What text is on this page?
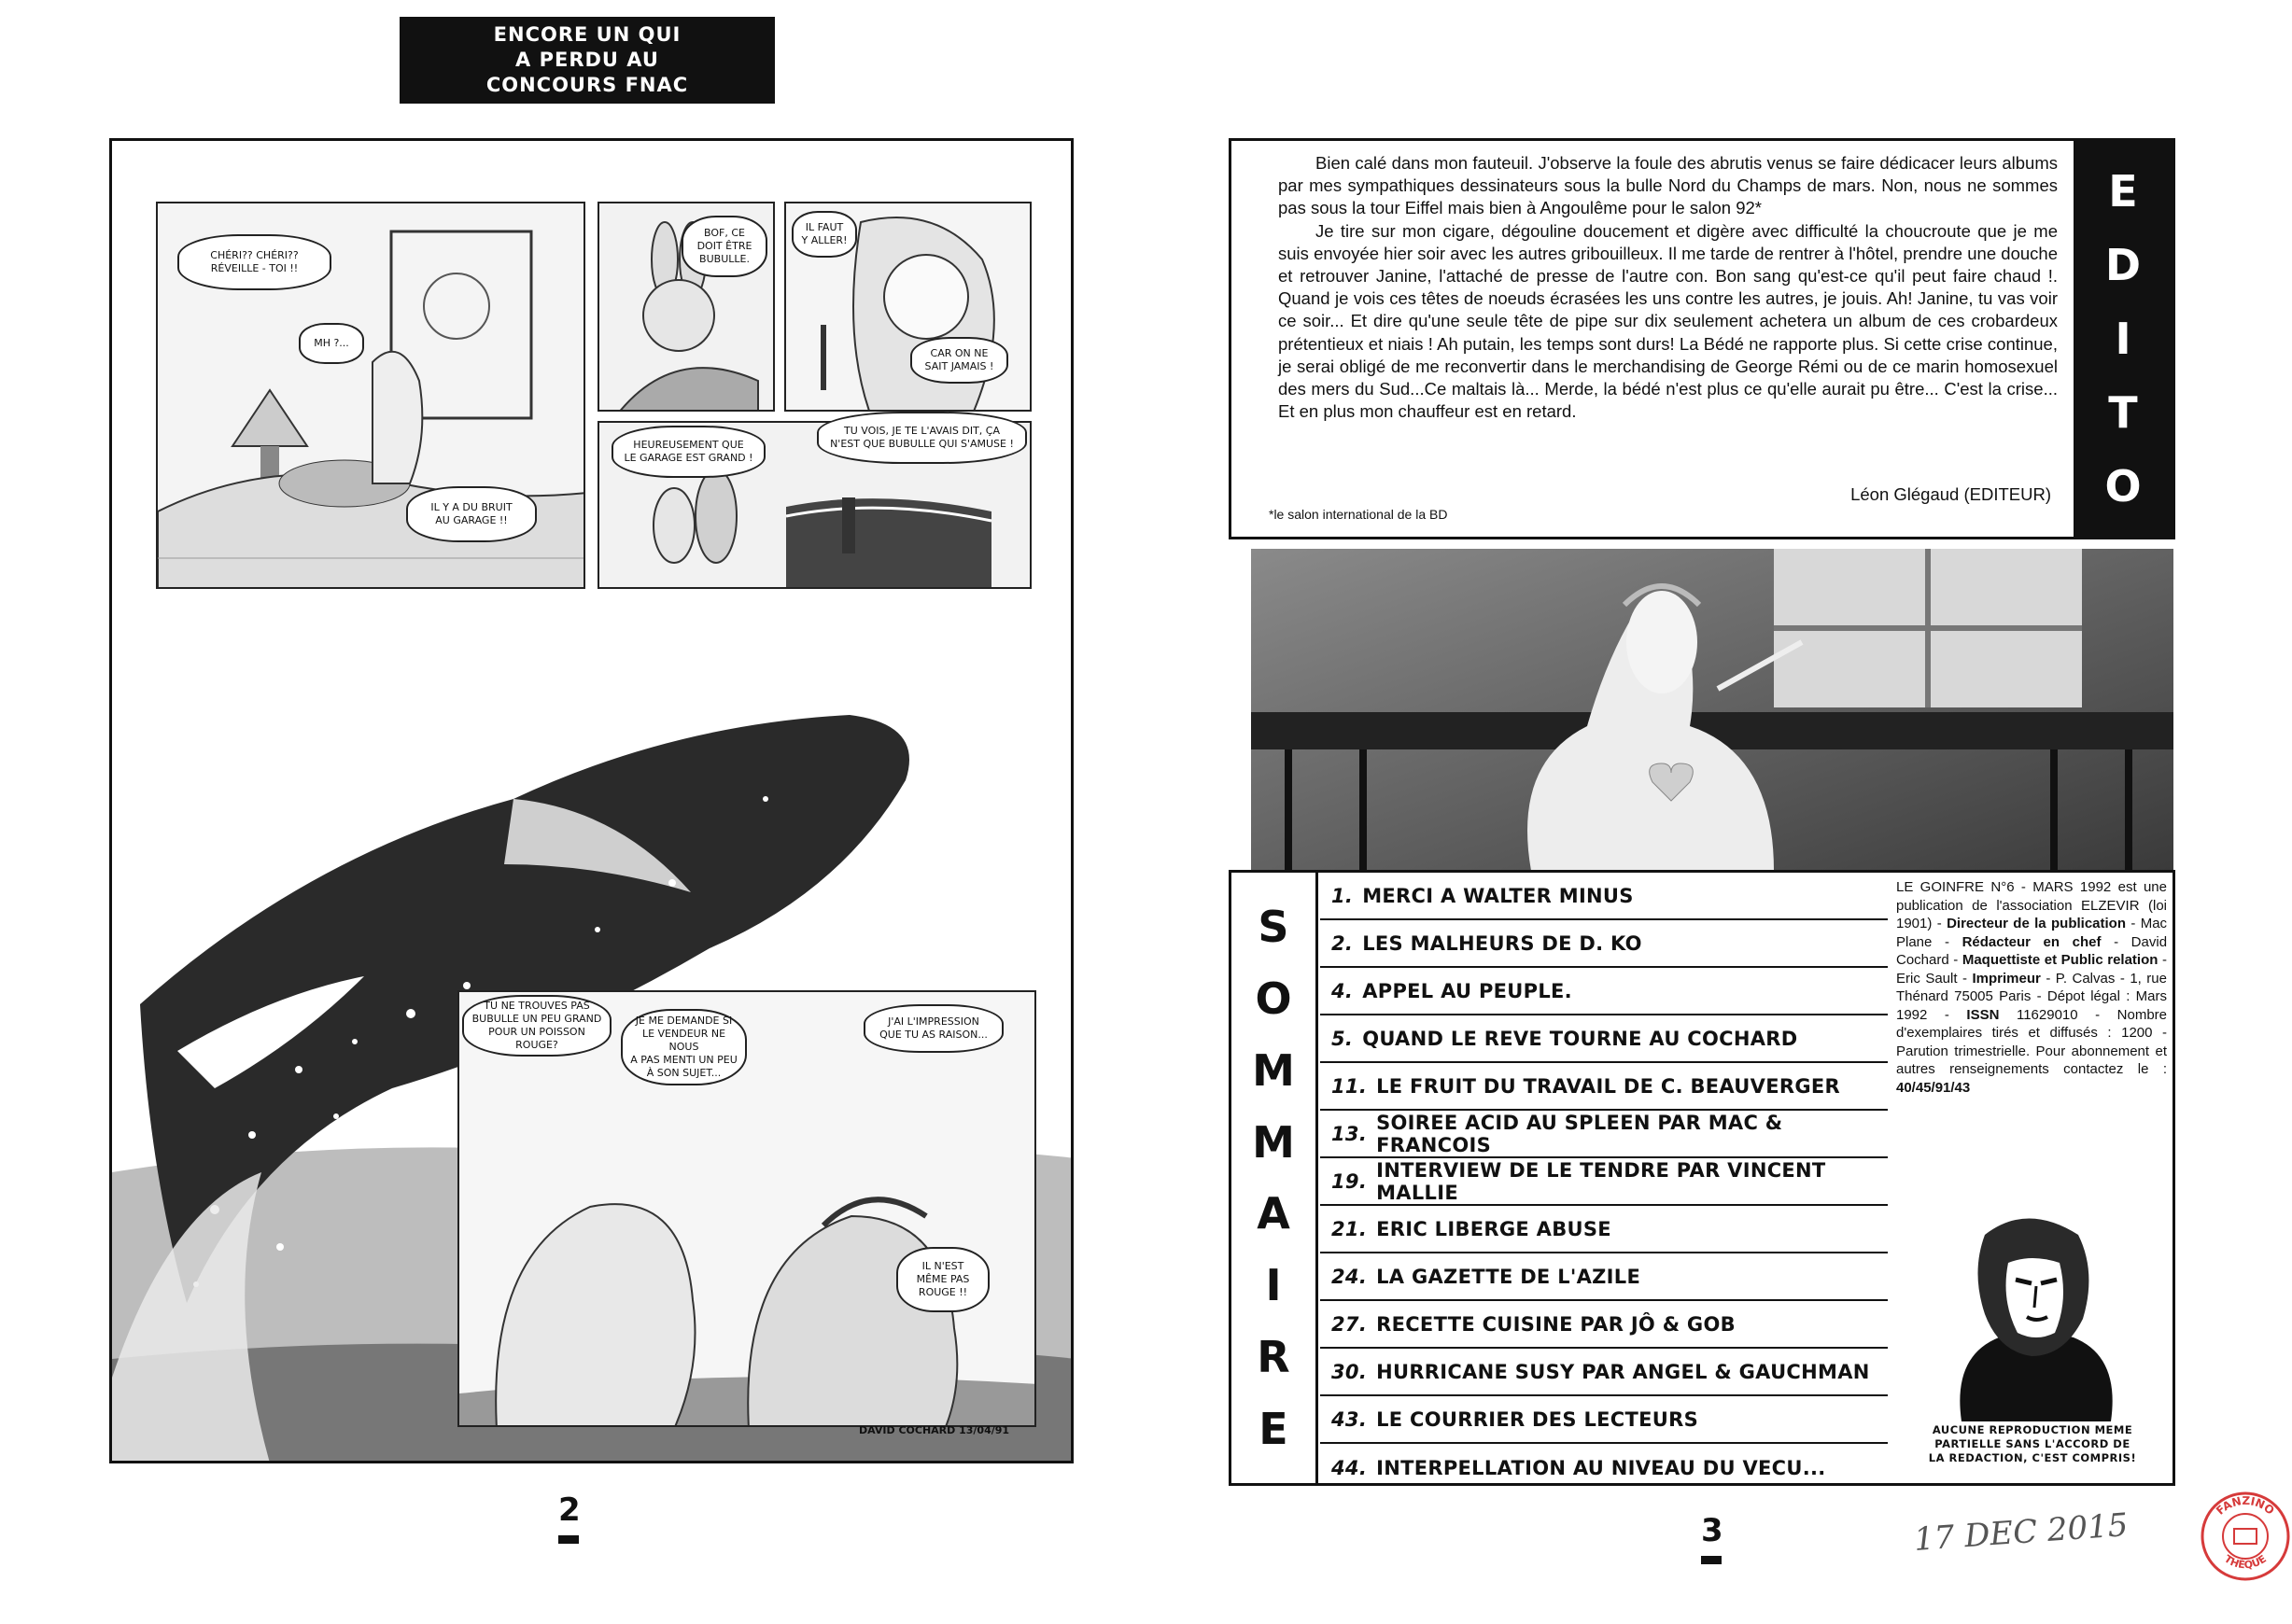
ENCORE UN QUI
A PERDU AU
CONCOURS FNAC
CHÉRI?? CHÉRI??
RÉVEILLE - TOI !!
MH ?...
IL Y A DU BRUIT
AU GARAGE !!
BOF, CE
DOIT ÊTRE
BUBULLE.
IL FAUT
Y ALLER!
CAR ON NE
SAIT JAMAIS !
HEUREUSEMENT QUE
LE GARAGE EST GRAND !
TU VOIS, JE TE L'AVAIS DIT, ÇA
N'EST QUE BUBULLE QUI S'AMUSE !
TU NE TROUVES PAS
BUBULLE UN PEU GRAND
POUR UN POISSON ROUGE?
JE ME DEMANDE SI
LE VENDEUR NE NOUS
A PAS MENTI UN PEU
À SON SUJET...
J'AI L'IMPRESSION
QUE TU AS RAISON...
IL N'EST
MÊME PAS
ROUGE !!
DAVID COCHARD 13/04/91
2

Bien calé dans mon fauteuil. J'observe la foule des abrutis venus se faire dédicacer leurs albums par mes sympathiques dessinateurs sous la bulle Nord du Champs de mars. Non, nous ne sommes pas sous la tour Eiffel mais bien à Angoulême pour le salon 92*

Je tire sur mon cigare, dégouline doucement et digère avec difficulté la choucroute que je me suis envoyée hier soir avec les autres gribouilleux. Il me tarde de rentrer à l'hôtel, prendre une douche et retrouver Janine, l'attaché de presse de l'autre con. Bon sang qu'est-ce qu'il peut faire chaud !. Quand je vois ces têtes de noeuds écrasées les uns contre les autres, je jouis. Ah! Janine, tu vas voir ce soir... Et dire qu'une seule tête de pipe sur dix seulement achetera un album de ces crobardeux prétentieux et niais ! Ah putain, les temps sont durs! La Bédé ne rapporte plus. Si cette crise continue, je serai obligé de me reconvertir dans le merchandising de George Rémi ou de ce marin homosexuel des mers du Sud...Ce maltais là... Merde, la bédé n'est plus ce qu'elle aurait pu être... C'est la crise... Et en plus mon chauffeur est en retard.

Léon Glégaud (EDITEUR)
*le salon international de la BD
E
D
I
T
O
S
O
M
M
A
I
R
E
1. MERCI A WALTER MINUS
2. LES MALHEURS DE D. KO
4. APPEL AU PEUPLE.
5. QUAND LE REVE TOURNE AU COCHARD
11. LE FRUIT DU TRAVAIL DE C. BEAUVERGER
13. SOIREE ACID AU SPLEEN PAR MAC & FRANCOIS
19. INTERVIEW DE LE TENDRE PAR VINCENT MALLIE
21. ERIC LIBERGE ABUSE
24. LA GAZETTE DE L'AZILE
27. RECETTE CUISINE PAR JÔ & GOB
30. HURRICANE SUSY PAR ANGEL & GAUCHMAN
43. LE COURRIER DES LECTEURS
44. INTERPELLATION AU NIVEAU DU VECU...
LE GOINFRE N°6 - MARS 1992 est une publication de l'association ELZEVIR (loi 1901) - Directeur de la publication - Mac Plane - Rédacteur en chef - David Cochard - Maquettiste et Public relation - Eric Sault - Imprimeur - P. Calvas - 1, rue Thénard 75005 Paris - Dépot légal : Mars 1992 - ISSN 11629010 - Nombre d'exemplaires tirés et diffusés : 1200 - Parution trimestrielle. Pour abonnement et autres renseignements contactez le : 40/45/91/43
AUCUNE REPRODUCTION MEME
PARTIELLE SANS L'ACCORD DE
LA REDACTION, C'EST COMPRIS!
3	17 DEC 2015	FANZINO
THÈQUE
